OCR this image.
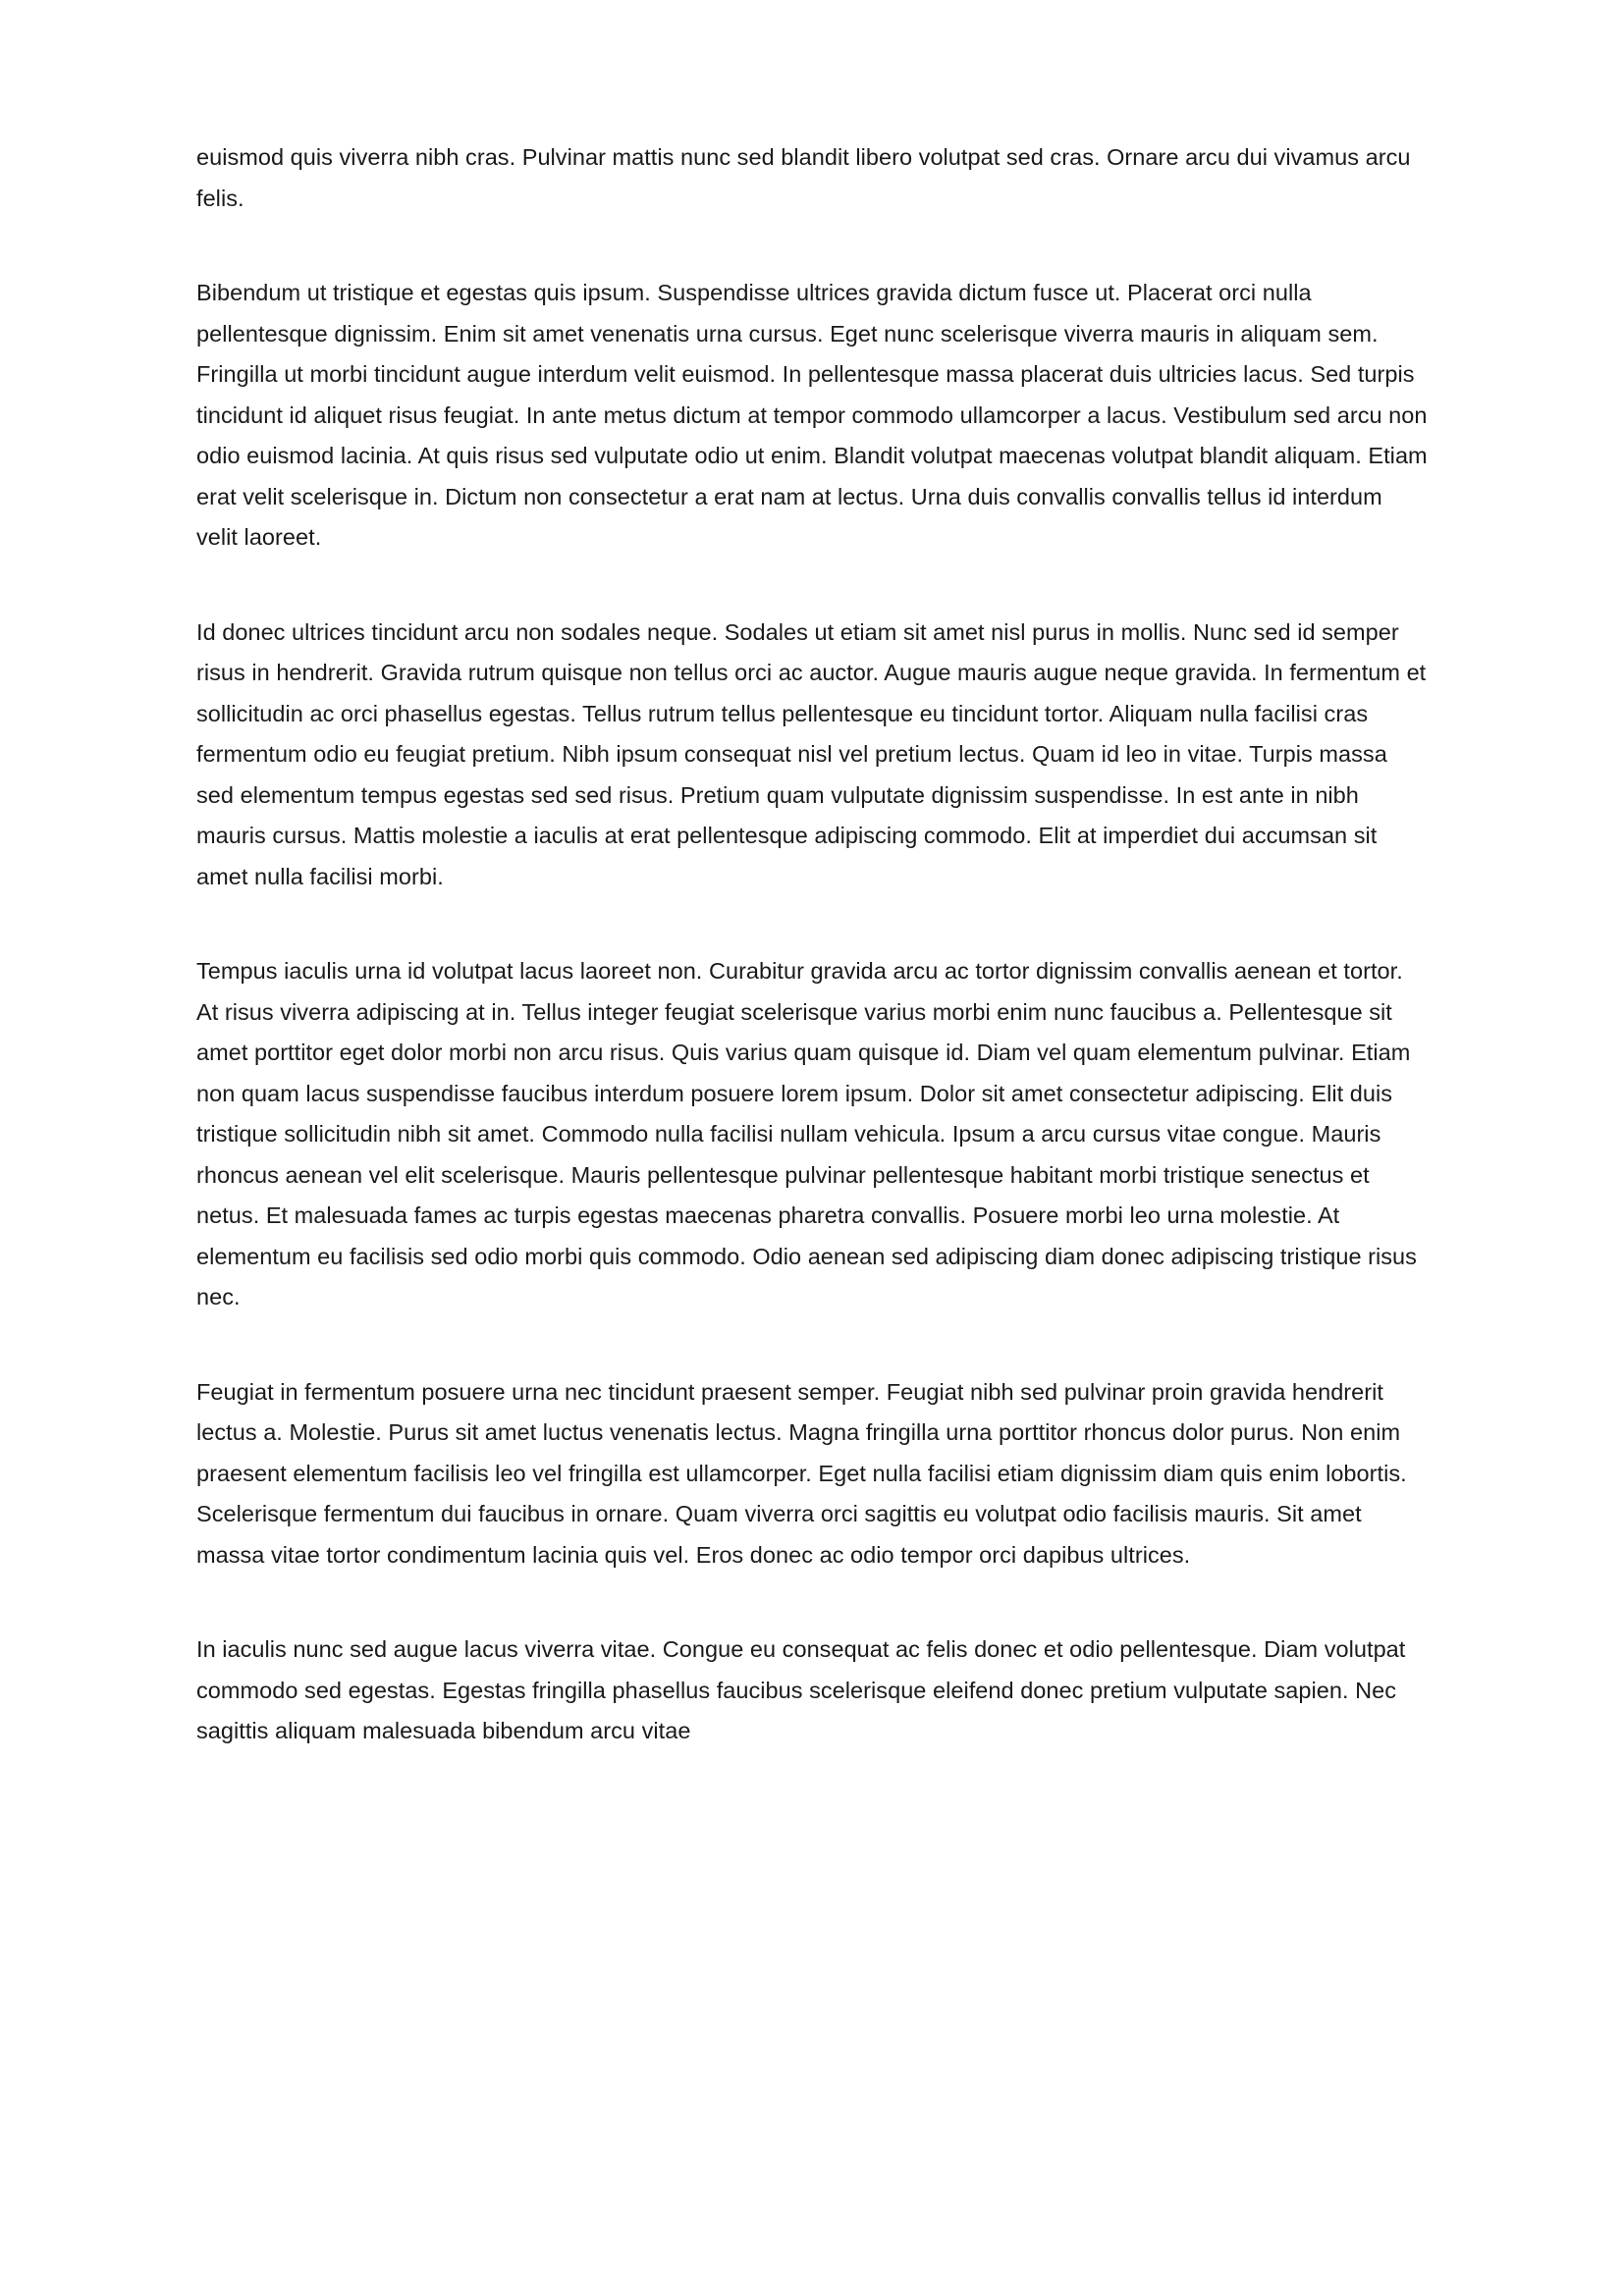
euismod quis viverra nibh cras. Pulvinar mattis nunc sed blandit libero volutpat sed cras. Ornare arcu dui vivamus arcu felis.

Bibendum ut tristique et egestas quis ipsum. Suspendisse ultrices gravida dictum fusce ut. Placerat orci nulla pellentesque dignissim. Enim sit amet venenatis urna cursus. Eget nunc scelerisque viverra mauris in aliquam sem. Fringilla ut morbi tincidunt augue interdum velit euismod. In pellentesque massa placerat duis ultricies lacus. Sed turpis tincidunt id aliquet risus feugiat. In ante metus dictum at tempor commodo ullamcorper a lacus. Vestibulum sed arcu non odio euismod lacinia. At quis risus sed vulputate odio ut enim. Blandit volutpat maecenas volutpat blandit aliquam. Etiam erat velit scelerisque in. Dictum non consectetur a erat nam at lectus. Urna duis convallis convallis tellus id interdum velit laoreet.

Id donec ultrices tincidunt arcu non sodales neque. Sodales ut etiam sit amet nisl purus in mollis. Nunc sed id semper risus in hendrerit. Gravida rutrum quisque non tellus orci ac auctor. Augue mauris augue neque gravida. In fermentum et sollicitudin ac orci phasellus egestas. Tellus rutrum tellus pellentesque eu tincidunt tortor. Aliquam nulla facilisi cras fermentum odio eu feugiat pretium. Nibh ipsum consequat nisl vel pretium lectus. Quam id leo in vitae. Turpis massa sed elementum tempus egestas sed sed risus. Pretium quam vulputate dignissim suspendisse. In est ante in nibh mauris cursus. Mattis molestie a iaculis at erat pellentesque adipiscing commodo. Elit at imperdiet dui accumsan sit amet nulla facilisi morbi.

Tempus iaculis urna id volutpat lacus laoreet non. Curabitur gravida arcu ac tortor dignissim convallis aenean et tortor. At risus viverra adipiscing at in. Tellus integer feugiat scelerisque varius morbi enim nunc faucibus a. Pellentesque sit amet porttitor eget dolor morbi non arcu risus. Quis varius quam quisque id. Diam vel quam elementum pulvinar. Etiam non quam lacus suspendisse faucibus interdum posuere lorem ipsum. Dolor sit amet consectetur adipiscing. Elit duis tristique sollicitudin nibh sit amet. Commodo nulla facilisi nullam vehicula. Ipsum a arcu cursus vitae congue. Mauris rhoncus aenean vel elit scelerisque. Mauris pellentesque pulvinar pellentesque habitant morbi tristique senectus et netus. Et malesuada fames ac turpis egestas maecenas pharetra convallis. Posuere morbi leo urna molestie. At elementum eu facilisis sed odio morbi quis commodo. Odio aenean sed adipiscing diam donec adipiscing tristique risus nec.

Feugiat in fermentum posuere urna nec tincidunt praesent semper. Feugiat nibh sed pulvinar proin gravida hendrerit lectus a. Molestie. Purus sit amet luctus venenatis lectus. Magna fringilla urna porttitor rhoncus dolor purus. Non enim praesent elementum facilisis leo vel fringilla est ullamcorper. Eget nulla facilisi etiam dignissim diam quis enim lobortis. Scelerisque fermentum dui faucibus in ornare. Quam viverra orci sagittis eu volutpat odio facilisis mauris. Sit amet massa vitae tortor condimentum lacinia quis vel. Eros donec ac odio tempor orci dapibus ultrices.

In iaculis nunc sed augue lacus viverra vitae. Congue eu consequat ac felis donec et odio pellentesque. Diam volutpat commodo sed egestas. Egestas fringilla phasellus faucibus scelerisque eleifend donec pretium vulputate sapien. Nec sagittis aliquam malesuada bibendum arcu vitae
